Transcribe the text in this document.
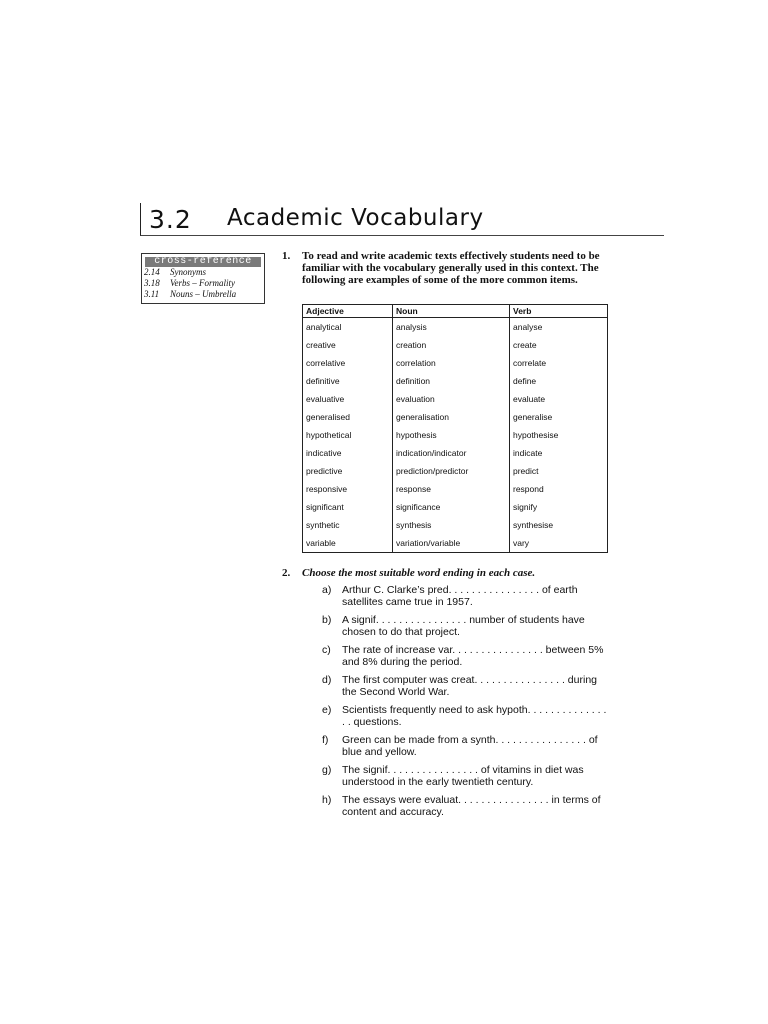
3.2 Academic Vocabulary
cross-reference
2.14	Synonyms
3.18	Verbs – Formality
3.11	Nouns – Umbrella
1. To read and write academic texts effectively students need to be familiar with the vocabulary generally used in this context. The following are examples of some of the more common items.
Adjective	Noun	Verb
analytical	analysis	analyse
creative	creation	create
correlative	correlation	correlate
definitive	definition	define
evaluative	evaluation	evaluate
generalised	generalisation	generalise
hypothetical	hypothesis	hypothesise
indicative	indication/indicator	indicate
predictive	prediction/predictor	predict
responsive	response	respond
significant	significance	signify
synthetic	synthesis	synthesise
variable	variation/variable	vary
2. Choose the most suitable word ending in each case.
a)	Arthur C. Clarke’s pred. . . . . . . . . . . . . . . . of earth satellites came true in 1957.
b)	A signif. . . . . . . . . . . . . . . . number of students have chosen to do that project.
c)	The rate of increase var. . . . . . . . . . . . . . . . between 5% and 8% during the period.
d)	The first computer was creat. . . . . . . . . . . . . . . . during the Second World War.
e)	Scientists frequently need to ask hypoth. . . . . . . . . . . . . . . . questions.
f)	Green can be made from a synth. . . . . . . . . . . . . . . . of blue and yellow.
g)	The signif. . . . . . . . . . . . . . . . of vitamins in diet was understood in the early twentieth century.
h)	The essays were evaluat. . . . . . . . . . . . . . . . in terms of content and accuracy.
